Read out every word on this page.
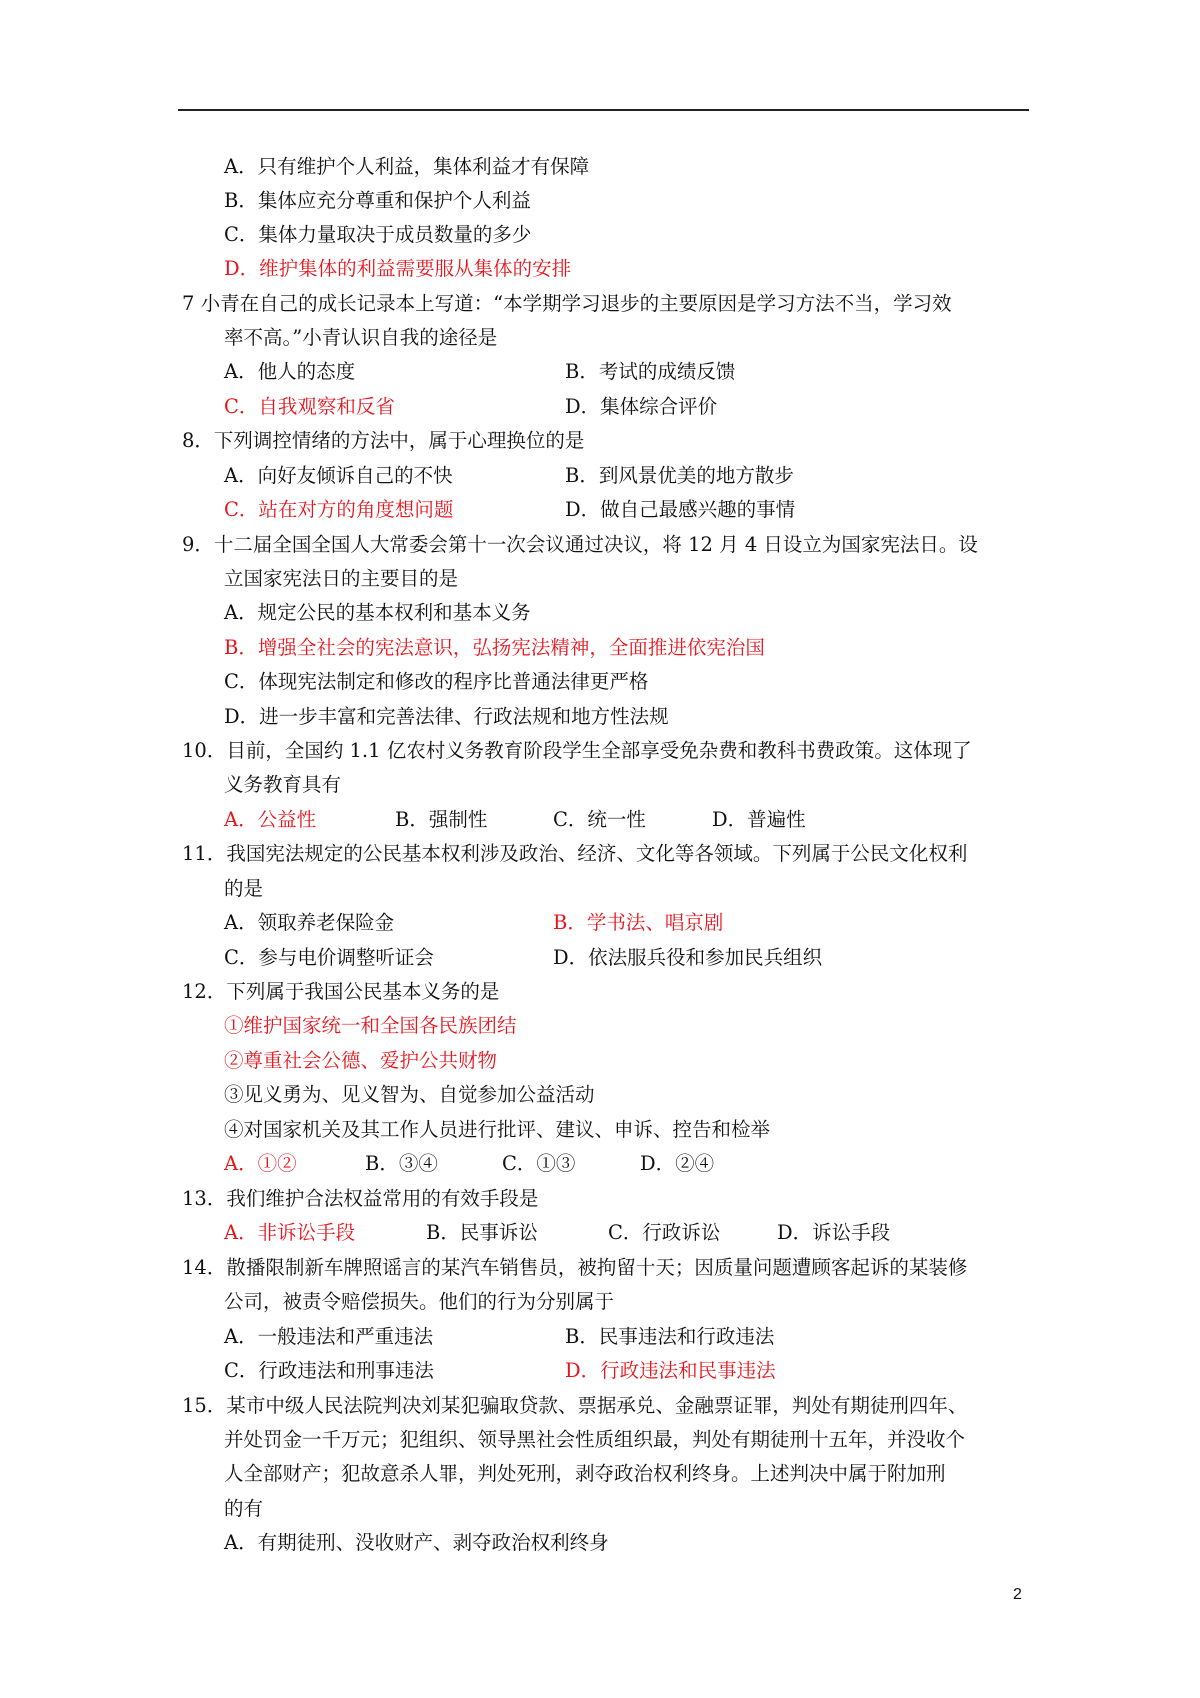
A．只有维护个人利益，集体利益才有保障
B．集体应充分尊重和保护个人利益
C．集体力量取决于成员数量的多少
D．维护集体的利益需要服从集体的安排
7 小青在自己的成长记录本上写道：“本学期学习退步的主要原因是学习方法不当，学习效
率不高。”小青认识自我的途径是
A．他人的态度	B．考试的成绩反馈
C．自我观察和反省	D．集体综合评价
8．下列调控情绪的方法中，属于心理换位的是
A．向好友倾诉自己的不快	B．到风景优美的地方散步
C．站在对方的角度想问题	D．做自己最感兴趣的事情
9．十二届全国全国人大常委会第十一次会议通过决议，将 12 月 4 日设立为国家宪法日。设
立国家宪法日的主要目的是
A．规定公民的基本权利和基本义务
B．增强全社会的宪法意识，弘扬宪法精神，全面推进依宪治国
C．体现宪法制定和修改的程序比普通法律更严格
D．进一步丰富和完善法律、行政法规和地方性法规
10．目前，全国约 1.1 亿农村义务教育阶段学生全部享受免杂费和教科书费政策。这体现了
义务教育具有
A．公益性	B．强制性	C．统一性	D．普遍性
11．我国宪法规定的公民基本权利涉及政治、经济、文化等各领域。下列属于公民文化权利
的是
A．领取养老保险金	B．学书法、唱京剧
C．参与电价调整听证会	D．依法服兵役和参加民兵组织
12．下列属于我国公民基本义务的是
①维护国家统一和全国各民族团结
②尊重社会公德、爱护公共财物
③见义勇为、见义智为、自觉参加公益活动
④对国家机关及其工作人员进行批评、建议、申诉、控告和检举
A．①②	B．③④	C．①③	D．②④
13．我们维护合法权益常用的有效手段是
A．非诉讼手段	B．民事诉讼	C．行政诉讼	D．诉讼手段
14．散播限制新车牌照谣言的某汽车销售员，被拘留十天；因质量问题遭顾客起诉的某装修
公司，被责令赔偿损失。他们的行为分别属于
A．一般违法和严重违法	B．民事违法和行政违法
C．行政违法和刑事违法	D．行政违法和民事违法
15．某市中级人民法院判决刘某犯骗取贷款、票据承兑、金融票证罪，判处有期徒刑四年、
并处罚金一千万元；犯组织、领导黑社会性质组织最，判处有期徒刑十五年，并没收个
人全部财产；犯故意杀人罪，判处死刑，剥夺政治权利终身。上述判决中属于附加刑
的有
A．有期徒刑、没收财产、剥夺政治权利终身
2
